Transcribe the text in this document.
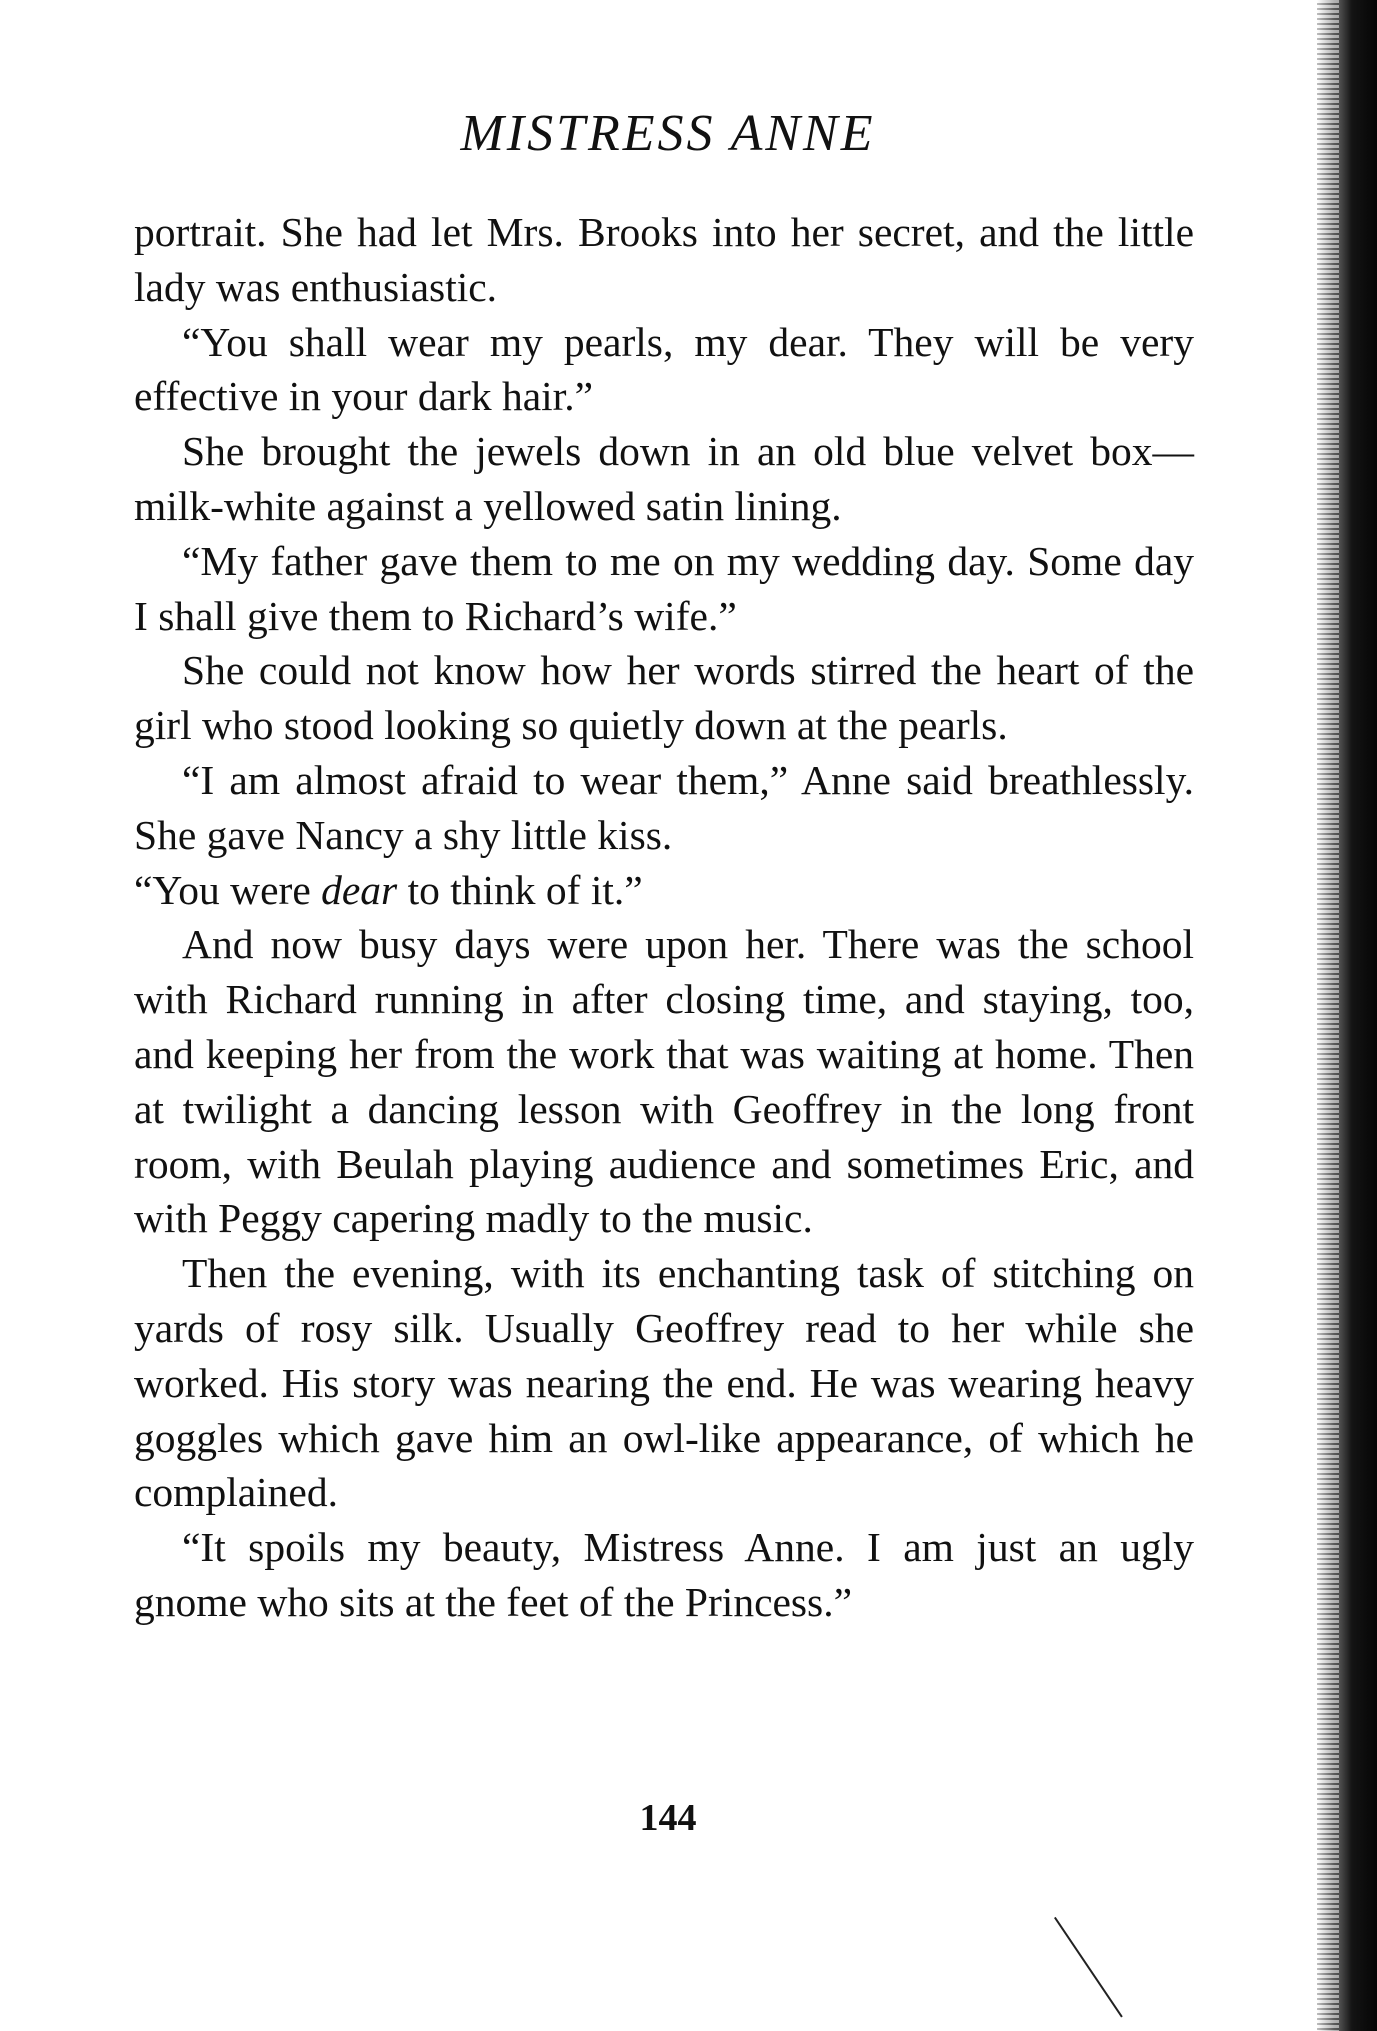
MISTRESS ANNE

portrait. She had let Mrs. Brooks into her secret, and the little lady was enthusiastic.

“You shall wear my pearls, my dear. They will be very effective in your dark hair.”

She brought the jewels down in an old blue velvet box—milk-white against a yellowed satin lining.

“My father gave them to me on my wedding day. Some day I shall give them to Richard’s wife.”

She could not know how her words stirred the heart of the girl who stood looking so quietly down at the pearls.

“I am almost afraid to wear them,” Anne said breathlessly. She gave Nancy a shy little kiss.
“You were dear to think of it.”

And now busy days were upon her. There was the school with Richard running in after closing time, and staying, too, and keeping her from the work that was waiting at home. Then at twilight a dancing lesson with Geoffrey in the long front room, with Beulah playing audience and sometimes Eric, and with Peggy capering madly to the music.

Then the evening, with its enchanting task of stitching on yards of rosy silk. Usually Geoffrey read to her while she worked. His story was nearing the end. He was wearing heavy goggles which gave him an owl-like appearance, of which he complained.

“It spoils my beauty, Mistress Anne. I am just an ugly gnome who sits at the feet of the Princess.”

144
